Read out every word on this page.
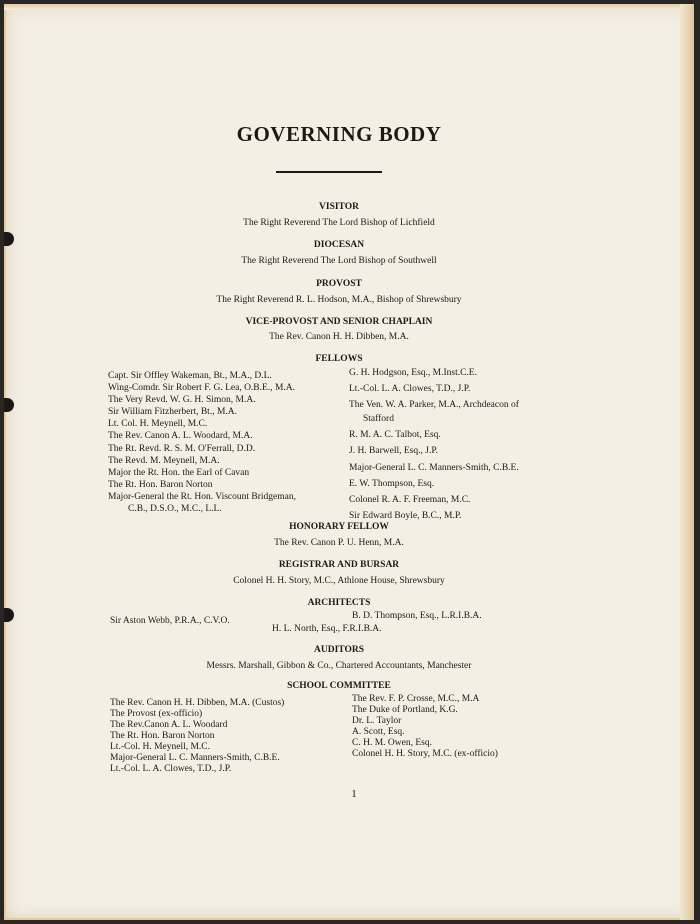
GOVERNING BODY
VISITOR
The Right Reverend The Lord Bishop of Lichfield
DIOCESAN
The Right Reverend The Lord Bishop of Southwell
PROVOST
The Right Reverend R. L. Hodson, M.A., Bishop of Shrewsbury
VICE-PROVOST AND SENIOR CHAPLAIN
The Rev. Canon H. H. Dibben, M.A.
FELLOWS
Capt. Sir Offley Wakeman, Bt., M.A., D.L.
Wing-Comdr. Sir Robert F. G. Lea, O.B.E., M.A.
The Very Revd. W. G. H. Simon, M.A.
Sir William Fitzherbert, Bt., M.A.
Lt. Col. H. Meynell, M.C.
The Rev. Canon A. L. Woodard, M.A.
The Rt. Revd. R. S. M. O'Ferrall, D.D.
The Revd. M. Meynell, M.A.
Major the Rt. Hon. the Earl of Cavan
The Rt. Hon. Baron Norton
Major-General the Rt. Hon. Viscount Bridgeman,
C.B., D.S.O., M.C., L.L.
G. H. Hodgson, Esq., M.Inst.C.E.
Lt.-Col. L. A. Clowes, T.D., J.P.
The Ven. W. A. Parker, M.A., Archdeacon of
Stafford
R. M. A. C. Talbot, Esq.
J. H. Barwell, Esq., J.P.
Major-General L. C. Manners-Smith, C.B.E.
E. W. Thompson, Esq.
Colonel R. A. F. Freeman, M.C.
Sir Edward Boyle, B.C., M.P.
HONORARY FELLOW
The Rev. Canon P. U. Henn, M.A.
REGISTRAR AND BURSAR
Colonel H. H. Story, M.C., Athlone House, Shrewsbury
ARCHITECTS
Sir Aston Webb, P.R.A., C.V.O.	B. D. Thompson, Esq., L.R.I.B.A.
H. L. North, Esq., F.R.I.B.A.
AUDITORS
Messrs. Marshall, Gibbon & Co., Chartered Accountants, Manchester
SCHOOL COMMITTEE
The Rev. Canon H. H. Dibben, M.A. (Custos)
The Provost (ex-officio)
The Rev.Canon A. L. Woodard
The Rt. Hon. Baron Norton
Lt.-Col. H. Meynell, M.C.
Major-General L. C. Manners-Smith, C.B.E.
Lt.-Col. L. A. Clowes, T.D., J.P.
The Rev. F. P. Crosse, M.C., M.A
The Duke of Portland, K.G.
Dr. L. Taylor
A. Scott, Esq.
C. H. M. Owen, Esq.
Colonel H. H. Story, M.C. (ex-officio)
1
